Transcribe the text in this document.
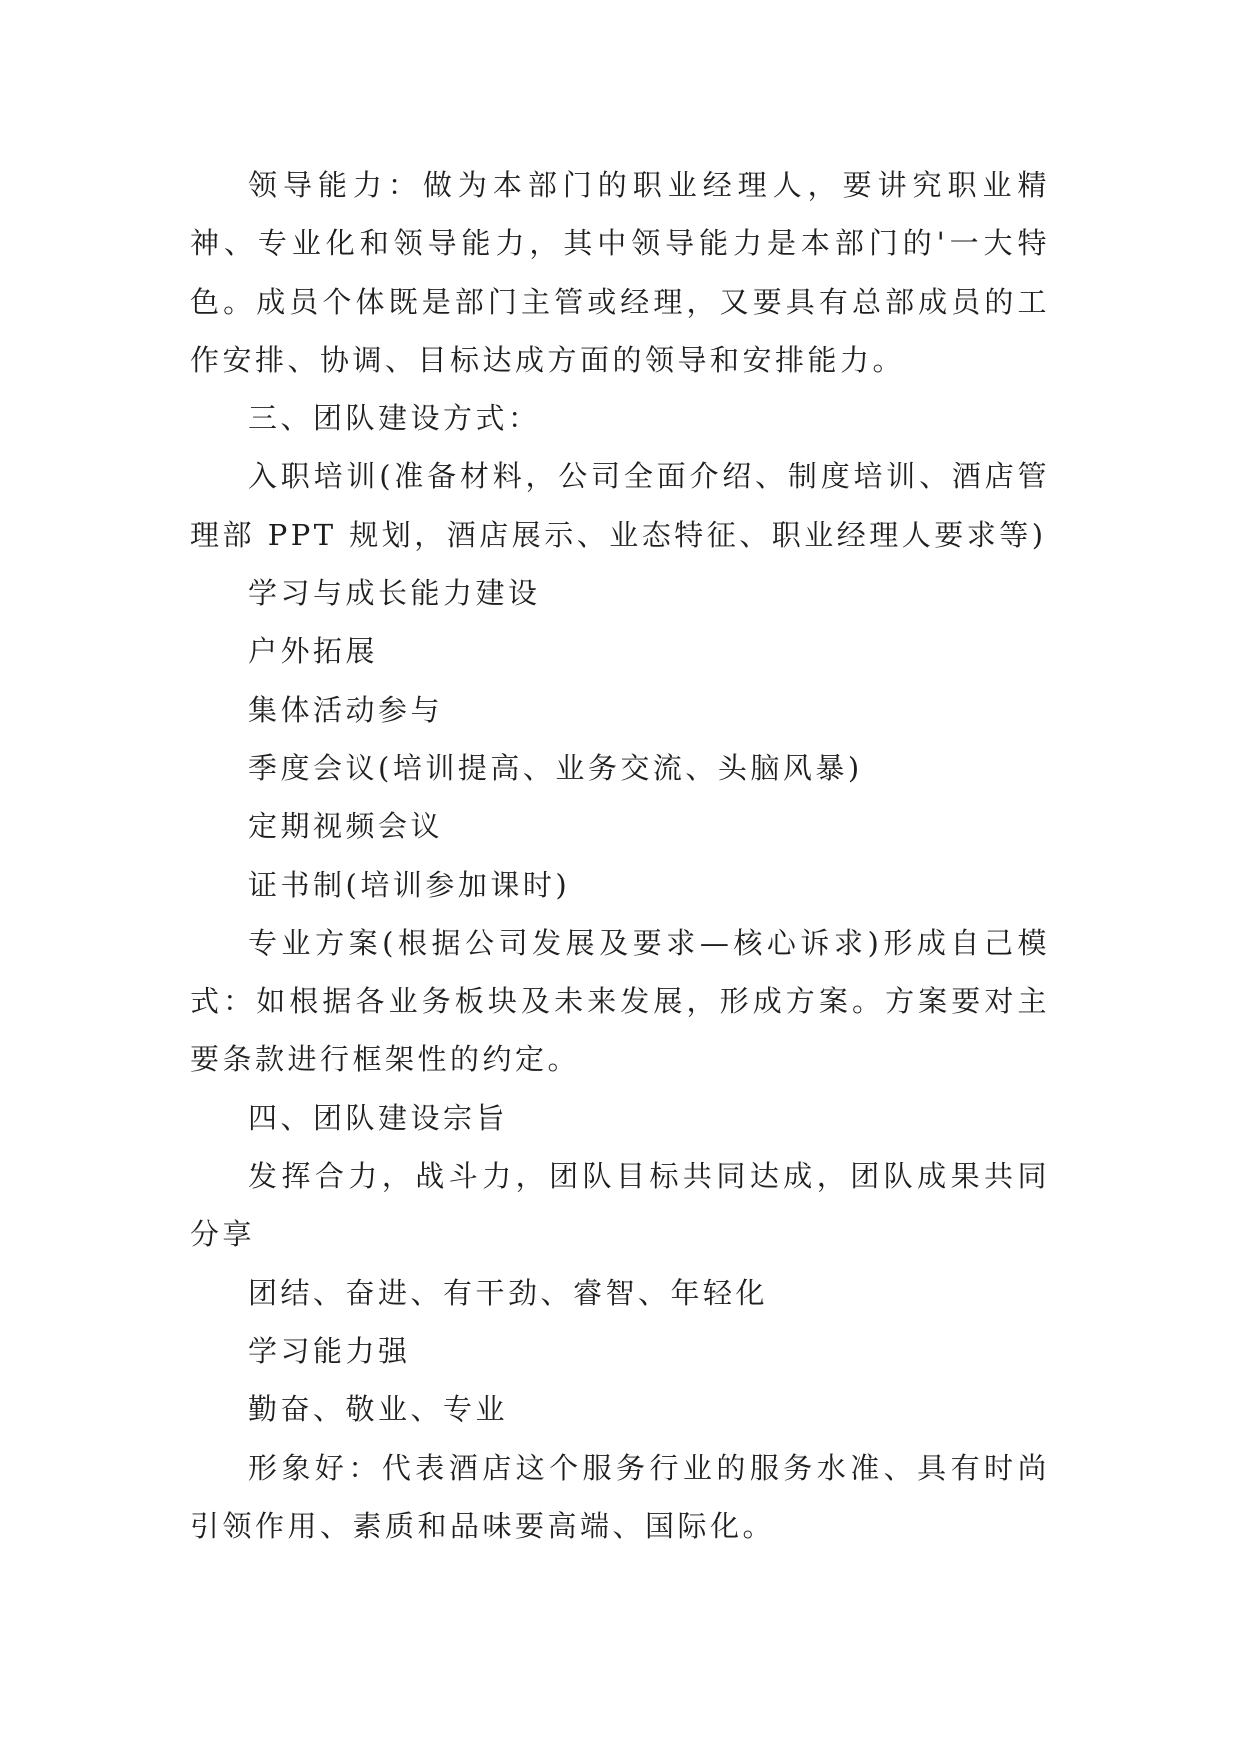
领导能力：做为本部门的职业经理人，要讲究职业精神、专业化和领导能力，其中领导能力是本部门的'一大特色。成员个体既是部门主管或经理，又要具有总部成员的工作安排、协调、目标达成方面的领导和安排能力。

三、团队建设方式：

入职培训(准备材料，公司全面介绍、制度培训、酒店管理部 PPT 规划，酒店展示、业态特征、职业经理人要求等)

学习与成长能力建设

户外拓展

集体活动参与

季度会议(培训提高、业务交流、头脑风暴)

定期视频会议

证书制(培训参加课时)

专业方案(根据公司发展及要求—核心诉求)形成自己模式：如根据各业务板块及未来发展，形成方案。方案要对主要条款进行框架性的约定。

四、团队建设宗旨

发挥合力，战斗力，团队目标共同达成，团队成果共同分享

团结、奋进、有干劲、睿智、年轻化

学习能力强

勤奋、敬业、专业

形象好：代表酒店这个服务行业的服务水准、具有时尚引领作用、素质和品味要高端、国际化。
